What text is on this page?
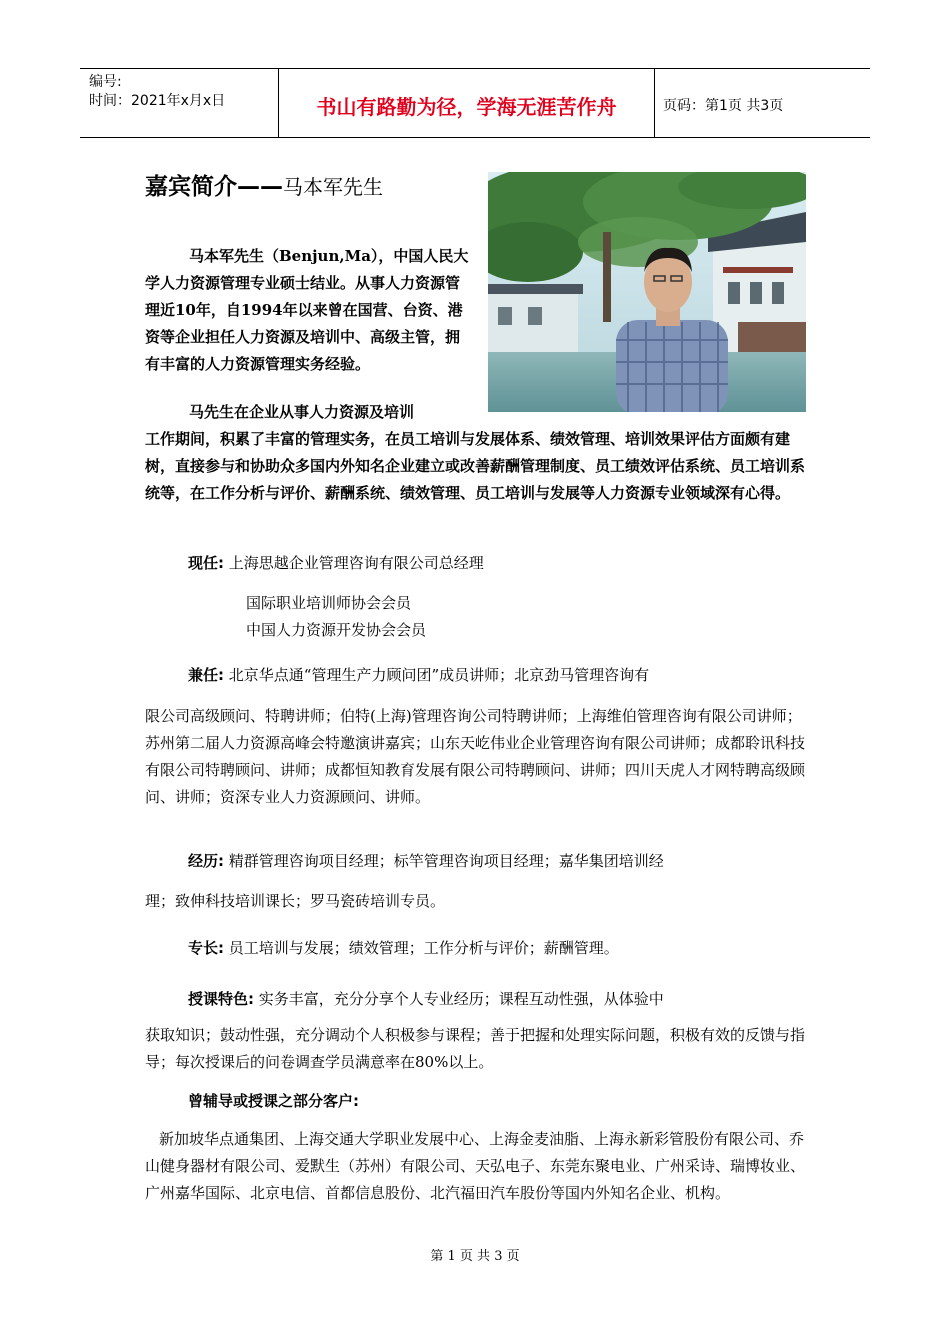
编号:
时间：2021年x月x日	书山有路勤为径，学海无涯苦作舟	页码：第1页 共3页
嘉宾简介——马本军先生
马本军先生（Benjun,Ma），中国人民大学人力资源管理专业硕士结业。从事人力资源管理近10年，自1994年以来曾在国营、台资、港资等企业担任人力资源及培训中、高级主管，拥有丰富的人力资源管理实务经验。
马先生在企业从事人力资源及培训
工作期间，积累了丰富的管理实务，在员工培训与发展体系、绩效管理、培训效果评估方面颇有建树，直接参与和协助众多国内外知名企业建立或改善薪酬管理制度、员工绩效评估系统、员工培训系统等，在工作分析与评价、薪酬系统、绩效管理、员工培训与发展等人力资源专业领域深有心得。
现任: 上海思越企业管理咨询有限公司总经理
国际职业培训师协会会员
中国人力资源开发协会会员
兼任: 北京华点通“管理生产力顾问团”成员讲师；北京劲马管理咨询有
限公司高级顾问、特聘讲师；伯特(上海)管理咨询公司特聘讲师；上海维伯管理咨询有限公司讲师；苏州第二届人力资源高峰会特邀演讲嘉宾；山东天屹伟业企业管理咨询有限公司讲师；成都聆讯科技有限公司特聘顾问、讲师；成都恒知教育发展有限公司特聘顾问、讲师；四川天虎人才网特聘高级顾问、讲师；资深专业人力资源顾问、讲师。
经历: 精群管理咨询项目经理；标竿管理咨询项目经理；嘉华集团培训经
理；致伸科技培训课长；罗马瓷砖培训专员。
专长: 员工培训与发展；绩效管理；工作分析与评价；薪酬管理。
授课特色: 实务丰富，充分分享个人专业经历；课程互动性强，从体验中
获取知识；鼓动性强，充分调动个人积极参与课程；善于把握和处理实际问题，积极有效的反馈与指导；每次授课后的问卷调查学员满意率在80%以上。
曾辅导或授课之部分客户:
新加坡华点通集团、上海交通大学职业发展中心、上海金麦油脂、上海永新彩管股份有限公司、乔山健身器材有限公司、爱默生（苏州）有限公司、天弘电子、东莞东聚电业、广州采诗、瑞博妆业、广州嘉华国际、北京电信、首都信息股份、北汽福田汽车股份等国内外知名企业、机构。
第 1 页 共 3 页
